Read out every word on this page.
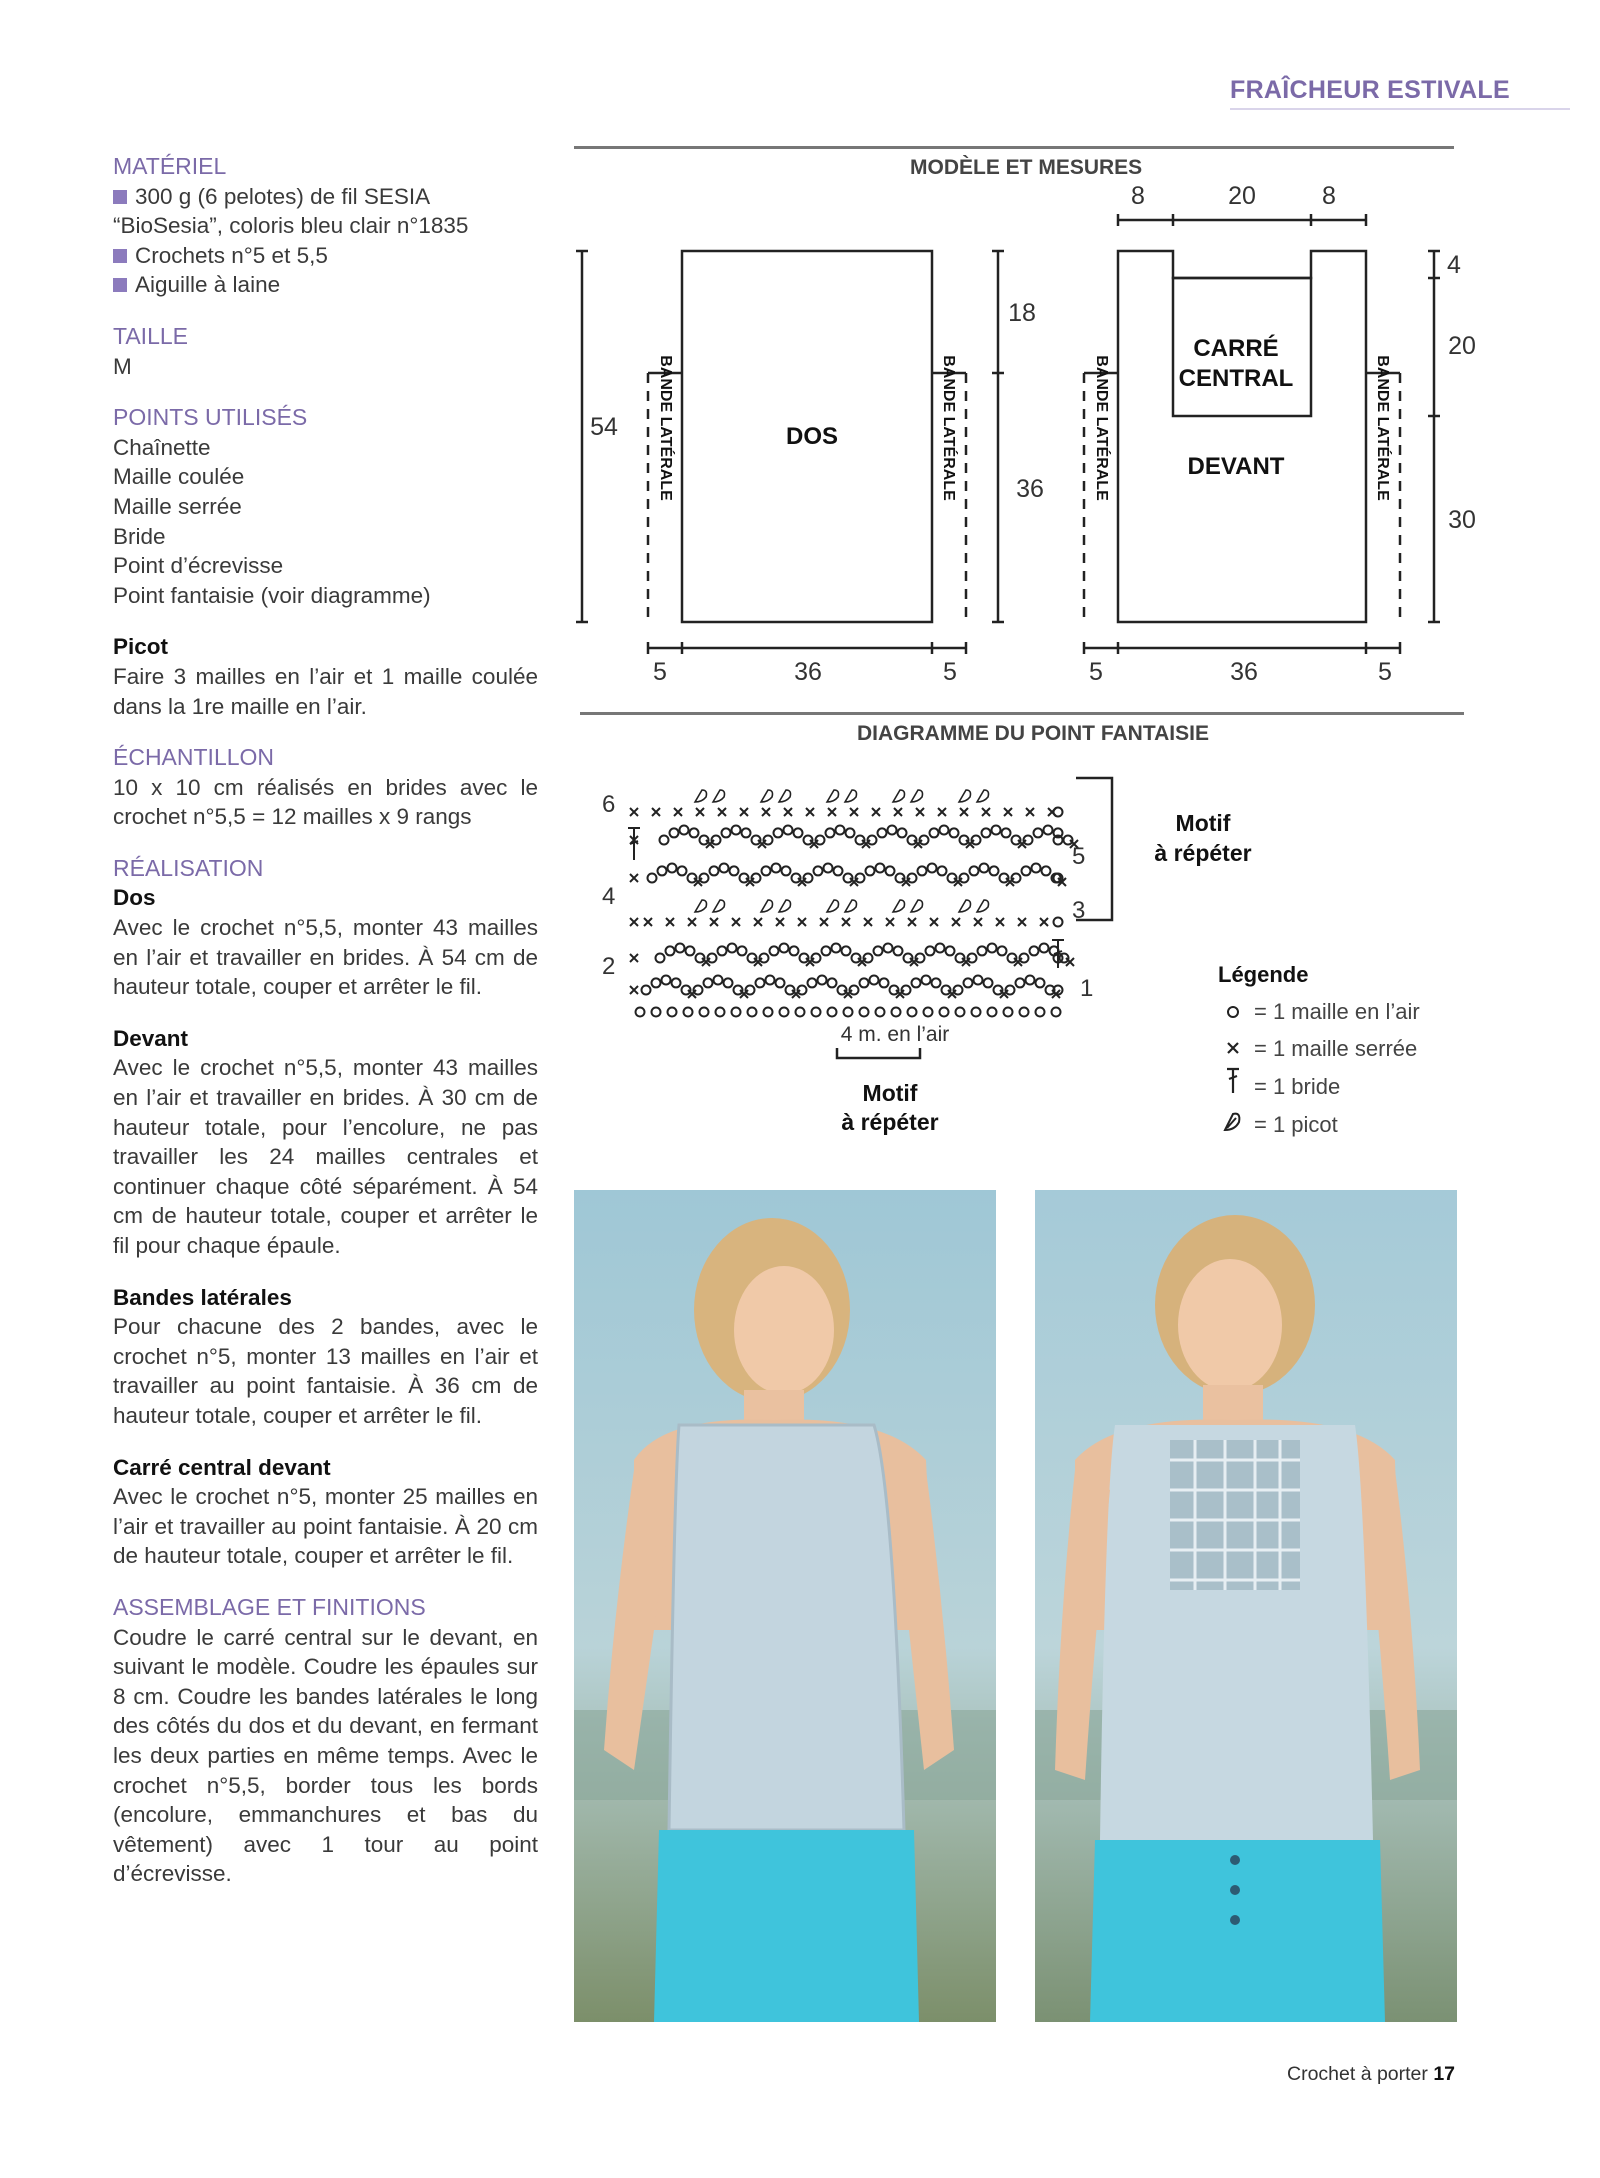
FRAÎCHEUR ESTIVALE
MATÉRIEL
300 g (6 pelotes) de fil SESIA
“BioSesia”, coloris bleu clair n°1835
Crochets n°5 et 5,5
Aiguille à laine
TAILLE
M
POINTS UTILISÉS
Chaînette
Maille coulée
Maille serrée
Bride
Point d’écrevisse
Point fantaisie (voir diagramme)
Picot
Faire 3 mailles en l’air et 1 maille coulée dans la 1re maille en l’air.
ÉCHANTILLON
10 x 10 cm réalisés en brides avec le crochet n°5,5 = 12 mailles x 9 rangs
RÉALISATION
Dos
Avec le crochet n°5,5, monter 43 mailles en l’air et travailler en brides. À 54 cm de hauteur totale, couper et arrêter le fil.
Devant
Avec le crochet n°5,5, monter 43 mailles en l’air et travailler en brides. À 30 cm de hauteur totale, pour l’encolure, ne pas travailler les 24 mailles centrales et continuer chaque côté séparément. À 54 cm de hauteur totale, couper et arrêter le fil pour chaque épaule.
Bandes latérales
Pour chacune des 2 bandes, avec le crochet n°5, monter 13 mailles en l’air et travailler au point fantaisie. À 36 cm de hauteur totale, couper et arrêter le fil.
Carré central devant
Avec le crochet n°5, monter 25 mailles en l’air et travailler au point fantaisie. À 20 cm de hauteur totale, couper et arrêter le fil.
ASSEMBLAGE ET FINITIONS
Coudre le carré central sur le devant, en suivant le modèle. Coudre les épaules sur 8 cm. Coudre les bandes latérales le long des côtés du dos et du devant, en fermant les deux parties en même temps. Avec le crochet n°5,5, border tous les bords (encolure, emmanchures et bas du vêtement) avec 1 tour au point d’écrevisse.
MODÈLE ET MESURES
8	20	8
54
18
36
4
20
30
5	36	5	5	36	5
DOS
DEVANT
CARRÉ
CENTRAL
BANDE LATÉRALE	BANDE LATÉRALE	BANDE LATÉRALE	BANDE LATÉRALE
DIAGRAMME DU POINT FANTAISIE
1
2
3
4
5
6
4 m. en l’air
Motif
à répéter
Motif
à répéter
Légende
= 1 maille en l’air
= 1 maille serrée
= 1 bride
= 1 picot
Crochet à porter 17
